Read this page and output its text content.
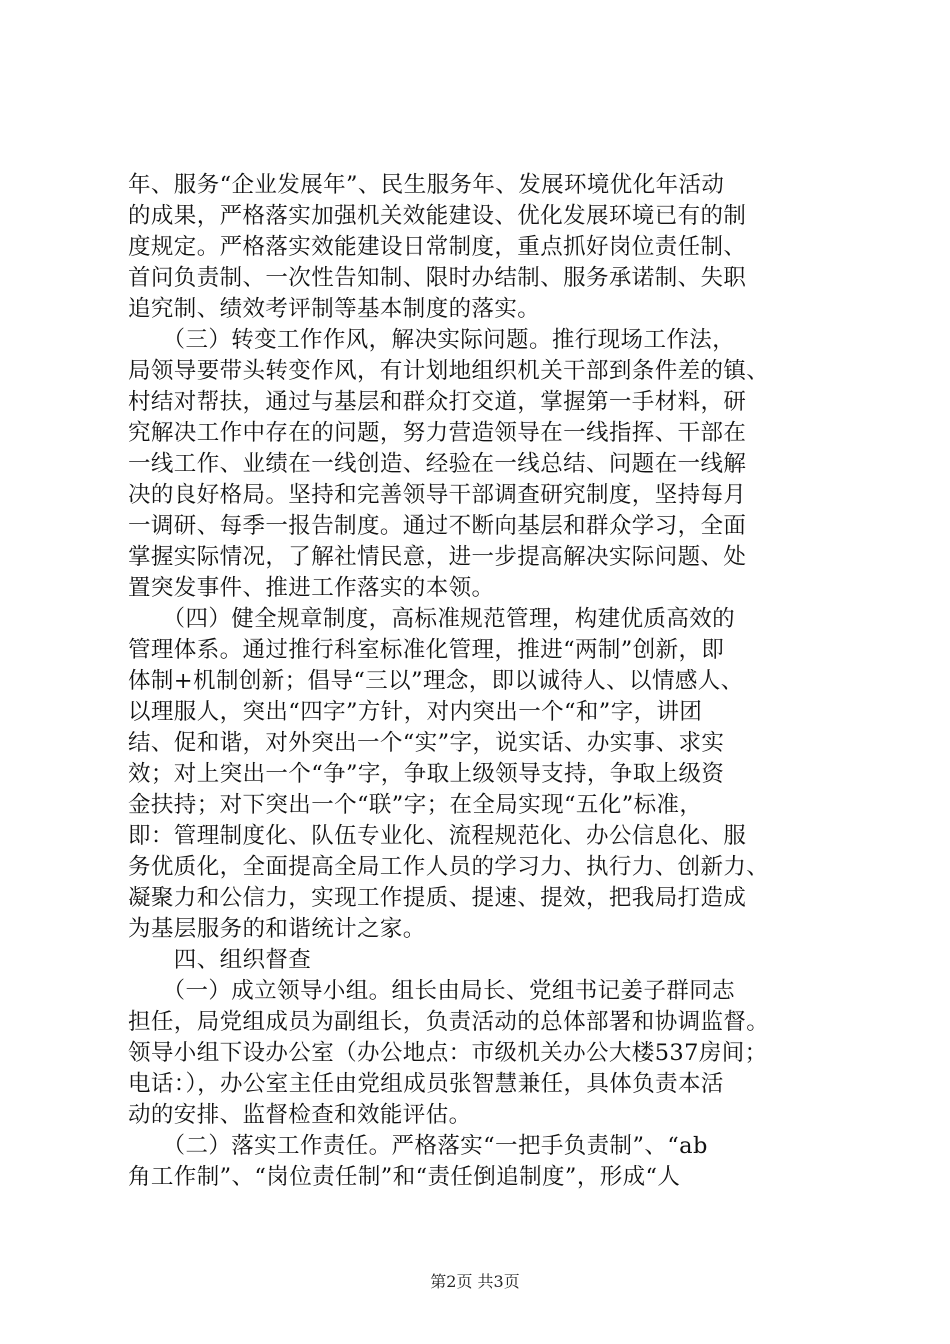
年、服务“企业发展年”、民生服务年、发展环境优化年活动
的成果，严格落实加强机关效能建设、优化发展环境已有的制
度规定。严格落实效能建设日常制度，重点抓好岗位责任制、
首问负责制、一次性告知制、限时办结制、服务承诺制、失职
追究制、绩效考评制等基本制度的落实。
　　（三）转变工作作风，解决实际问题。推行现场工作法，
局领导要带头转变作风，有计划地组织机关干部到条件差的镇、
村结对帮扶，通过与基层和群众打交道，掌握第一手材料，研
究解决工作中存在的问题，努力营造领导在一线指挥、干部在
一线工作、业绩在一线创造、经验在一线总结、问题在一线解
决的良好格局。坚持和完善领导干部调查研究制度，坚持每月
一调研、每季一报告制度。通过不断向基层和群众学习，全面
掌握实际情况，了解社情民意，进一步提高解决实际问题、处
置突发事件、推进工作落实的本领。
　　（四）健全规章制度，高标准规范管理，构建优质高效的
管理体系。通过推行科室标准化管理，推进“两制”创新，即
体制+机制创新；倡导“三以”理念，即以诚待人、以情感人、
以理服人，突出“四字”方针，对内突出一个“和”字，讲团
结、促和谐，对外突出一个“实”字，说实话、办实事、求实
效；对上突出一个“争”字，争取上级领导支持，争取上级资
金扶持；对下突出一个“联”字；在全局实现“五化”标准，
即：管理制度化、队伍专业化、流程规范化、办公信息化、服
务优质化，全面提高全局工作人员的学习力、执行力、创新力、
凝聚力和公信力，实现工作提质、提速、提效，把我局打造成
为基层服务的和谐统计之家。
　　四、组织督查
　　（一）成立领导小组。组长由局长、党组书记姜子群同志
担任，局党组成员为副组长，负责活动的总体部署和协调监督。
领导小组下设办公室（办公地点：市级机关办公大楼537房间；
电话：），办公室主任由党组成员张智慧兼任，具体负责本活
动的安排、监督检查和效能评估。
　　（二）落实工作责任。严格落实“一把手负责制”、“ab
角工作制”、“岗位责任制”和“责任倒追制度”，形成“人
第2页 共3页
